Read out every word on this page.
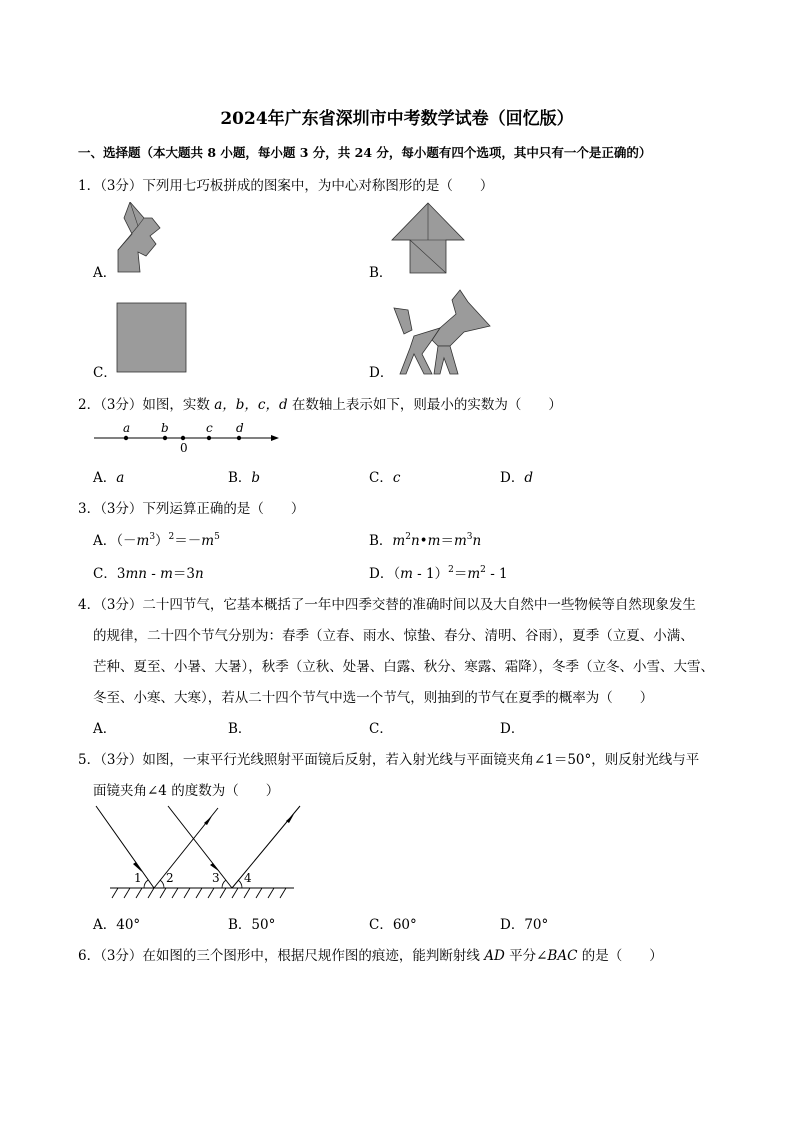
2024年广东省深圳市中考数学试卷（回忆版）
一、选择题（本大题共 8 小题，每小题 3 分，共 24 分，每小题有四个选项，其中只有一个是正确的）
1．（3分）下列用七巧板拼成的图案中，为中心对称图形的是（　　）
A．	B．
C．	D．
2．（3分）如图，实数 a，b，c，d 在数轴上表示如下，则最小的实数为（　　）
a	b	c d
0
A．a	B．b	C．c	D．d
3．（3分）下列运算正确的是（　　）
A．$(-m^3)^2=-m^5$	B．$m^2n•m=m^3n$
C．3mn - m＝3n	D．$(m - 1)^2=m^2 - 1$
4．（3分）二十四节气，它基本概括了一年中四季交替的准确时间以及大自然中一些物候等自然现象发生
的规律，二十四个节气分别为：春季（立春、雨水、惊蛰、春分、清明、谷雨），夏季（立夏、小满、
芒种、夏至、小暑、大暑），秋季（立秋、处暑、白露、秋分、寒露、霜降），冬季（立冬、小雪、大雪、
冬至、小寒、大寒），若从二十四个节气中选一个节气，则抽到的节气在夏季的概率为（　　）
A．	B．	C．	D．
5．（3分）如图，一束平行光线照射平面镜后反射，若入射光线与平面镜夹角∠1＝50°，则反射光线与平
面镜夹角∠4 的度数为（　　）
1 2	3 4
A．40°	B．50°	C．60°	D．70°
6．（3分）在如图的三个图形中，根据尺规作图的痕迹，能判断射线 AD 平分∠BAC 的是（　　）
